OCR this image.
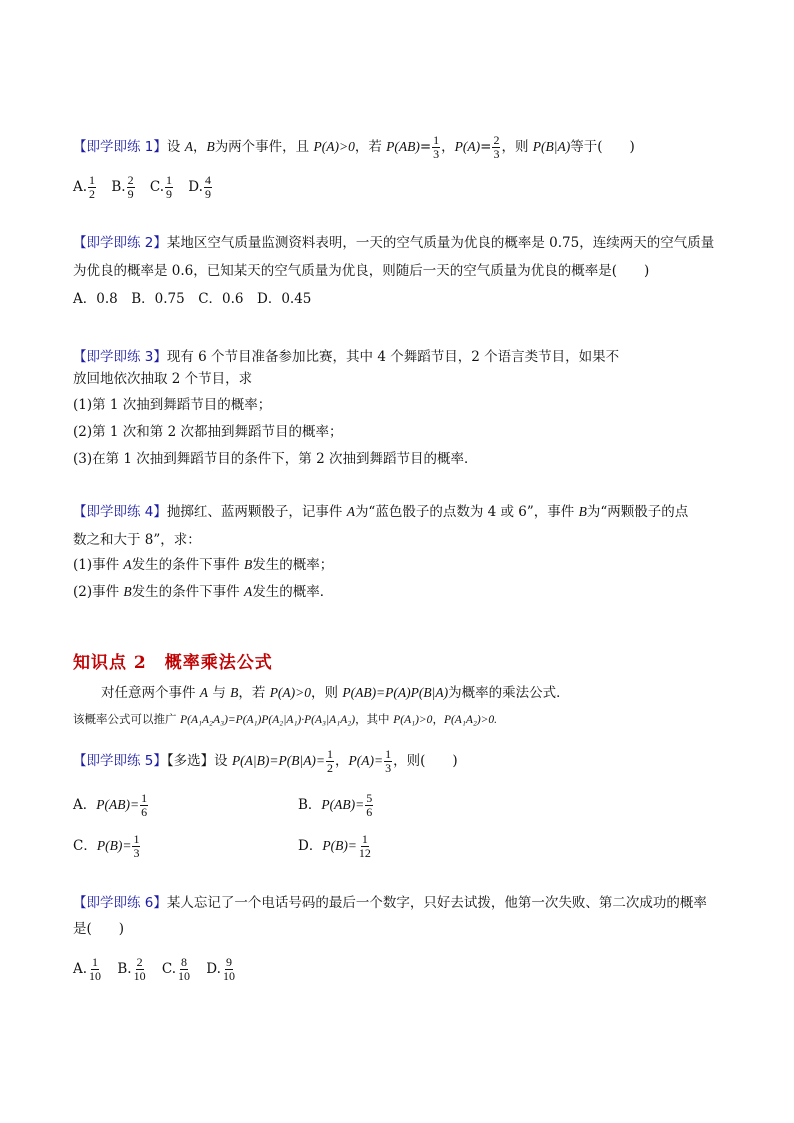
【即学即练 1】设 A，B为两个事件，且 P(A)>0，若 $P(AB)= \frac{1}{3}$ ，$P(A)= \frac{2}{3}$ ，则 P(B|A)等于(　　)
A. $\frac{1}{2} B$. $\frac{2}{9} C$. $\frac{1}{9} D$. $\frac{4}{9}$
【即学即练 2】某地区空气质量监测资料表明，一天的空气质量为优良的概率是 0.75，连续两天的空气质量
为优良的概率是 0.6，已知某天的空气质量为优良，则随后一天的空气质量为优良的概率是(　　)
A．0.8　B．0.75　C．0.6　D．0.45
【即学即练 3】现有 6 个节目准备参加比赛，其中 4 个舞蹈节目，2 个语言类节目，如果不
放回地依次抽取 2 个节目，求
(1)第 1 次抽到舞蹈节目的概率；
(2)第 1 次和第 2 次都抽到舞蹈节目的概率；
(3)在第 1 次抽到舞蹈节目的条件下，第 2 次抽到舞蹈节目的概率．
【即学即练 4】抛掷红、蓝两颗骰子，记事件 A为“蓝色骰子的点数为 4 或 6”，事件 B为“两颗骰子的点
数之和大于 8”，求：
(1)事件 A发生的条件下事件 B发生的概率；
(2)事件 B发生的条件下事件 A发生的概率．
知识点 2　概率乘法公式
对任意两个事件 A 与 B，若 P(A)>0，则 P(AB)=P(A)P(B|A)为概率的乘法公式．
该概率公式可以推广 P(A₁A₂A₃)=P(A₁)P(A₂|A₁)·P(A₃|A₁A₂)，其中 P(A₁)>0，P(A₁A₂)>0.
【即学即练 5】【多选】设 $P(A|B)=P(B|A)= \frac{1}{2}$ ，$P(A)= \frac{1}{3}$ ，则(　　)
A．$P(AB)= \frac{1}{6}$	B．$P(AB)= \frac{5}{6}$
C．$P(B)= \frac{1}{3}$	D．$P(B)= \frac{1}{12}$
【即学即练 6】某人忘记了一个电话号码的最后一个数字，只好去试拨，他第一次失败、第二次成功的概率
是(　　)
A. $\frac{1}{10} B$. $\frac{2}{10} C$. $\frac{8}{10} D$. $\frac{9}{10}$
